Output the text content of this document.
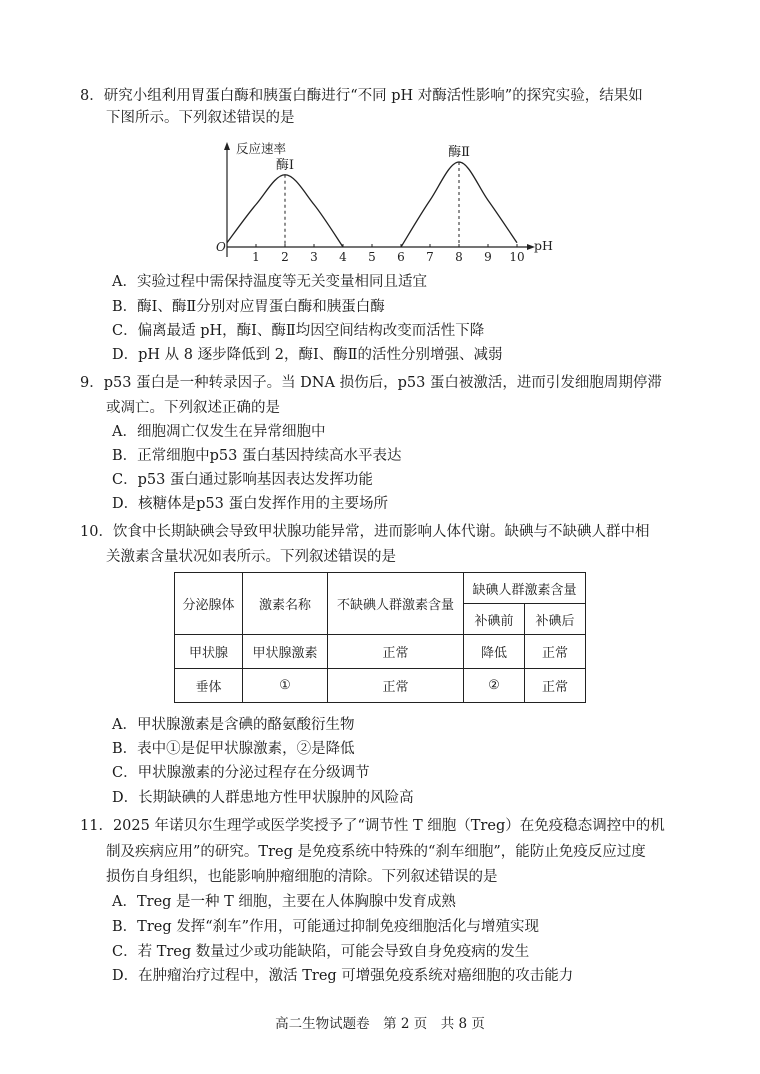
8．研究小组利用胃蛋白酶和胰蛋白酶进行“不同 pH 对酶活性影响”的探究实验，结果如
下图所示。下列叙述错误的是
反应速率
O	pH
1 2 3 4 5 6 7 8 9 10
酶Ⅰ
酶Ⅱ
A．实验过程中需保持温度等无关变量相同且适宜
B．酶Ⅰ、酶Ⅱ分别对应胃蛋白酶和胰蛋白酶
C．偏离最适 pH，酶Ⅰ、酶Ⅱ均因空间结构改变而活性下降
D．pH 从 8 逐步降低到 2，酶Ⅰ、酶Ⅱ的活性分别增强、减弱
9．p53 蛋白是一种转录因子。当 DNA 损伤后，p53 蛋白被激活，进而引发细胞周期停滞
或凋亡。下列叙述正确的是
A．细胞凋亡仅发生在异常细胞中
B．正常细胞中p53 蛋白基因持续高水平表达
C．p53 蛋白通过影响基因表达发挥功能
D．核糖体是p53 蛋白发挥作用的主要场所
10．饮食中长期缺碘会导致甲状腺功能异常，进而影响人体代谢。缺碘与不缺碘人群中相
关激素含量状况如表所示。下列叙述错误的是
分泌腺体	激素名称	不缺碘人群激素含量	缺碘人群激素含量	
			补碘前	补碘后
甲状腺	甲状腺激素	正常	降低	正常
垂体	①	正常	②	正常
A．甲状腺激素是含碘的酪氨酸衍生物
B．表中①是促甲状腺激素，②是降低
C．甲状腺激素的分泌过程存在分级调节
D．长期缺碘的人群患地方性甲状腺肿的风险高
11．2025 年诺贝尔生理学或医学奖授予了“调节性 T 细胞（Treg）在免疫稳态调控中的机
制及疾病应用”的研究。Treg 是免疫系统中特殊的“刹车细胞”，能防止免疫反应过度
损伤自身组织，也能影响肿瘤细胞的清除。下列叙述错误的是
A．Treg 是一种 T 细胞，主要在人体胸腺中发育成熟
B．Treg 发挥“刹车”作用，可能通过抑制免疫细胞活化与增殖实现
C．若 Treg 数量过少或功能缺陷，可能会导致自身免疫病的发生
D．在肿瘤治疗过程中，激活 Treg 可增强免疫系统对癌细胞的攻击能力
高二生物试题卷　第 2 页　共 8 页
